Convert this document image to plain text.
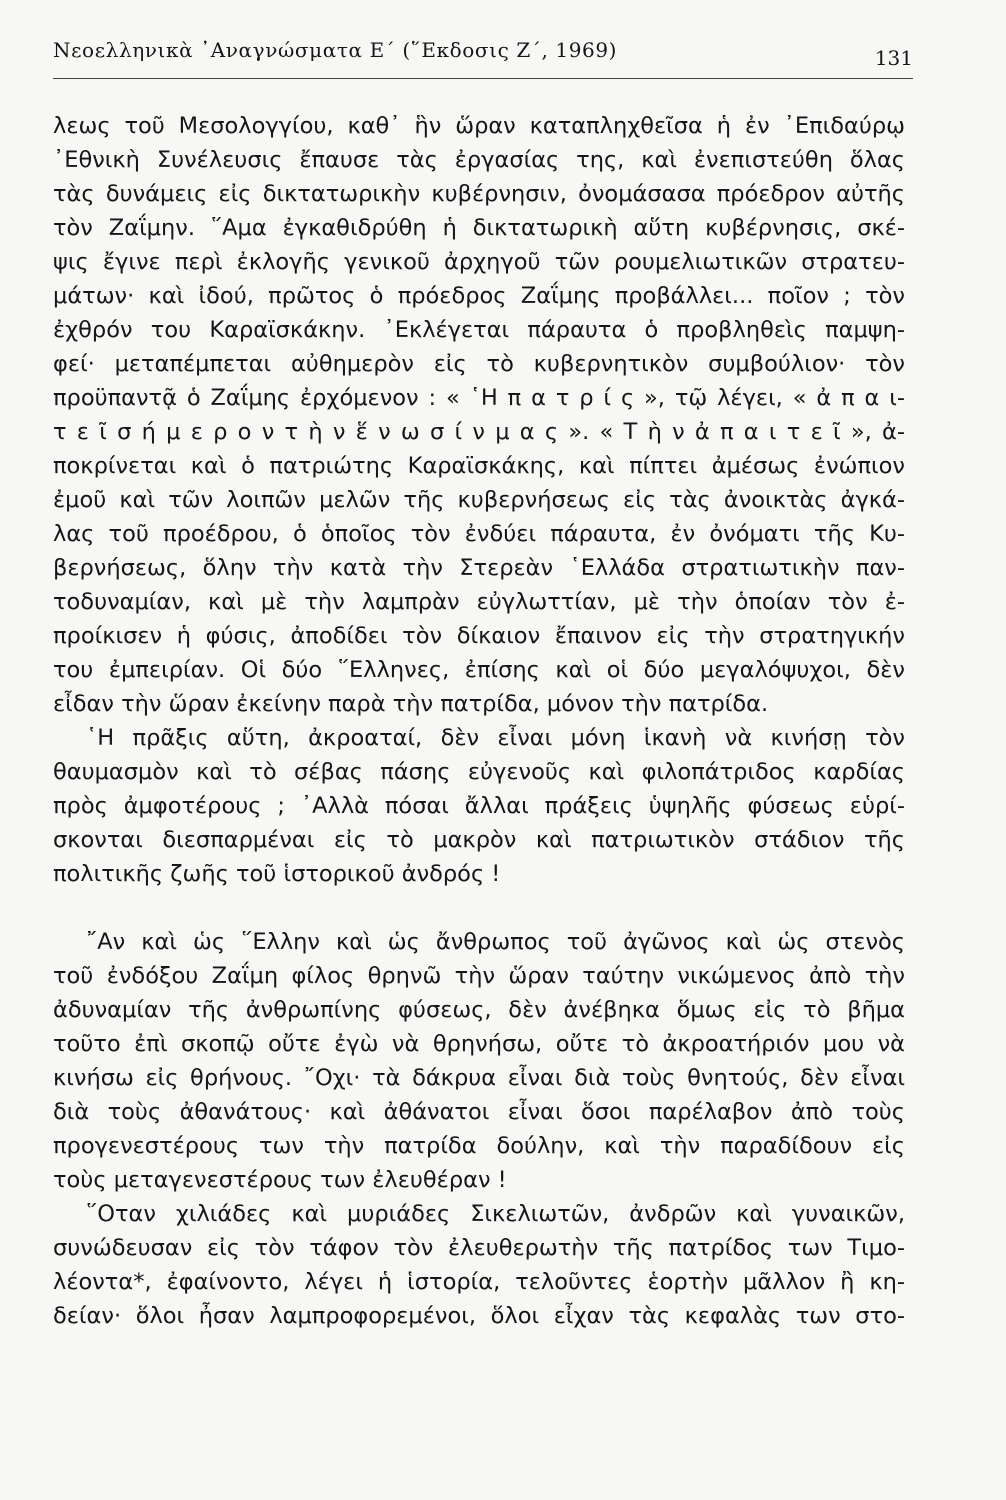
Νεοελληνικὰ ᾿Αναγνώσματα Ε΄ (῞Εκδοσις Ζ΄, 1969)	131
λεως τοῦ Μεσολογγίου, καθ᾿ ἣν ὥραν καταπληχθεῖσα ἡ ἐν ᾿Επιδαύρῳ
᾿Εθνικὴ Συνέλευσις ἔπαυσε τὰς ἐργασίας της, καὶ ἐνεπιστεύθη ὅλας
τὰς δυνάμεις εἰς δικτατωρικὴν κυβέρνησιν, ὀνομάσασα πρόεδρον αὐτῆς
τὸν Ζαΐμην. ῞Αμα ἐγκαθιδρύθη ἡ δικτατωρικὴ αὕτη κυβέρνησις, σκέ-
ψις ἔγινε περὶ ἐκλογῆς γενικοῦ ἀρχηγοῦ τῶν ρουμελιωτικῶν στρατευ-
μάτων· καὶ ἰδού, πρῶτος ὁ πρόεδρος Ζαΐμης προβάλλει... ποῖον ; τὸν
ἐχθρόν του Καραϊσκάκην. ᾿Εκλέγεται πάραυτα ὁ προβληθεὶς παμψη-
φεί· μεταπέμπεται αὐθημερὸν εἰς τὸ κυβερνητικὸν συμβούλιον· τὸν
προϋπαντᾷ ὁ Ζαΐμης ἐρχόμενον : « ῾Η π α τ ρ ί ς », τῷ λέγει, « ἀ π α ι-
τ ε ῖ σ ή μ ε ρ ο ν τ ὴ ν ἕ ν ω σ ί ν μ α ς ». « Τ ὴ ν ἀ π α ι τ ε ῖ », ἀ-
ποκρίνεται καὶ ὁ πατριώτης Καραϊσκάκης, καὶ πίπτει ἀμέσως ἐνώπιον
ἐμοῦ καὶ τῶν λοιπῶν μελῶν τῆς κυβερνήσεως εἰς τὰς ἀνοικτὰς ἀγκά-
λας τοῦ προέδρου, ὁ ὁποῖος τὸν ἐνδύει πάραυτα, ἐν ὀνόματι τῆς Κυ-
βερνήσεως, ὅλην τὴν κατὰ τὴν Στερεὰν ῾Ελλάδα στρατιωτικὴν παν-
τοδυναμίαν, καὶ μὲ τὴν λαμπρὰν εὐγλωττίαν, μὲ τὴν ὁποίαν τὸν ἐ-
προίκισεν ἡ φύσις, ἀποδίδει τὸν δίκαιον ἔπαινον εἰς τὴν στρατηγικήν
του ἐμπειρίαν. Οἱ δύο ῞Ελληνες, ἐπίσης καὶ οἱ δύο μεγαλόψυχοι, δὲν
εἶδαν τὴν ὥραν ἐκείνην παρὰ τὴν πατρίδα, μόνον τὴν πατρίδα.
῾Η πρᾶξις αὕτη, ἀκροαταί, δὲν εἶναι μόνη ἱκανὴ νὰ κινήσῃ τὸν
θαυμασμὸν καὶ τὸ σέβας πάσης εὐγενοῦς καὶ φιλοπάτριδος καρδίας
πρὸς ἀμφοτέρους ; ᾿Αλλὰ πόσαι ἄλλαι πράξεις ὑψηλῆς φύσεως εὑρί-
σκονται διεσπαρμέναι εἰς τὸ μακρὸν καὶ πατριωτικὸν στάδιον τῆς
πολιτικῆς ζωῆς τοῦ ἱστορικοῦ ἀνδρός !
῎Αν καὶ ὡς ῞Ελλην καὶ ὡς ἄνθρωπος τοῦ ἀγῶνος καὶ ὡς στενὸς
τοῦ ἐνδόξου Ζαΐμη φίλος θρηνῶ τὴν ὥραν ταύτην νικώμενος ἀπὸ τὴν
ἀδυναμίαν τῆς ἀνθρωπίνης φύσεως, δὲν ἀνέβηκα ὅμως εἰς τὸ βῆμα
τοῦτο ἐπὶ σκοπῷ οὔτε ἐγὼ νὰ θρηνήσω, οὔτε τὸ ἀκροατήριόν μου νὰ
κινήσω εἰς θρήνους. ῎Οχι· τὰ δάκρυα εἶναι διὰ τοὺς θνητούς, δὲν εἶναι
διὰ τοὺς ἀθανάτους· καὶ ἀθάνατοι εἶναι ὅσοι παρέλαβον ἀπὸ τοὺς
προγενεστέρους των τὴν πατρίδα δούλην, καὶ τὴν παραδίδουν εἰς
τοὺς μεταγενεστέρους των ἐλευθέραν !
῞Οταν χιλιάδες καὶ μυριάδες Σικελιωτῶν, ἀνδρῶν καὶ γυναικῶν,
συνώδευσαν εἰς τὸν τάφον τὸν ἐλευθερωτὴν τῆς πατρίδος των Τιμο-
λέοντα*, ἐφαίνοντο, λέγει ἡ ἱστορία, τελοῦντες ἑορτὴν μᾶλλον ἢ κη-
δείαν· ὅλοι ἦσαν λαμπροφορεμένοι, ὅλοι εἶχαν τὰς κεφαλὰς των στο-
